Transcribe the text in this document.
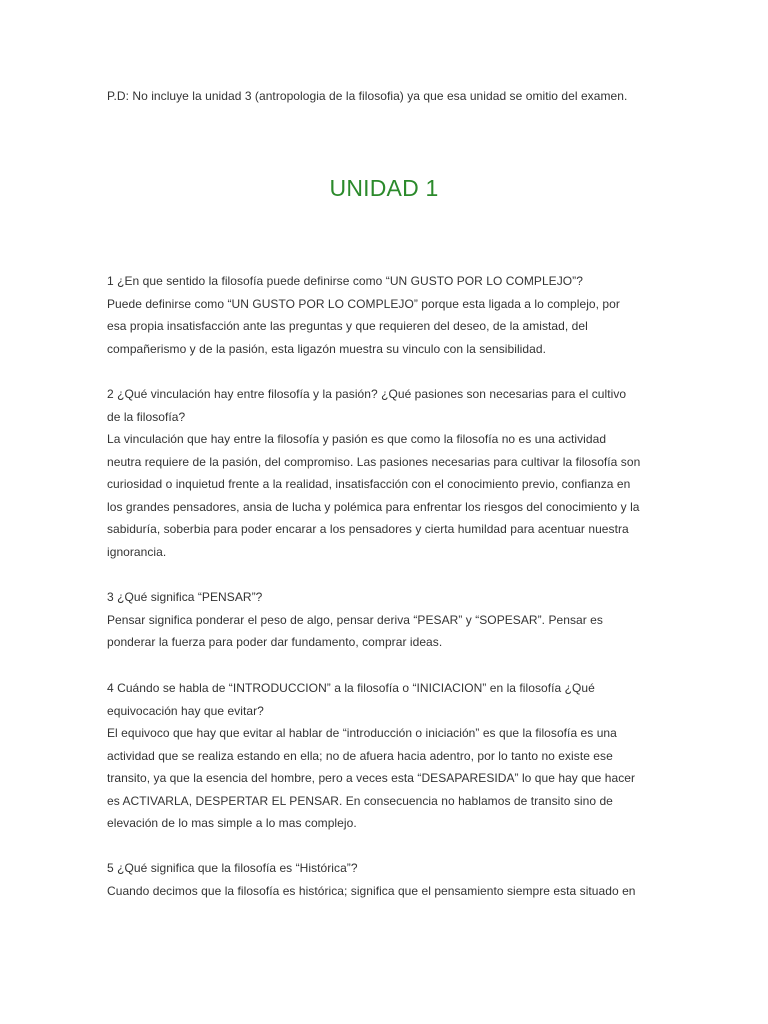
P.D: No incluye la unidad 3 (antropologia de la filosofia) ya que esa unidad se omitio del examen.
UNIDAD 1
1 ¿En que sentido la filosofía puede definirse como “UN GUSTO POR LO COMPLEJO”?
Puede definirse como “UN GUSTO POR LO COMPLEJO” porque esta ligada a lo complejo, por
esa propia insatisfacción ante las preguntas y que requieren del deseo, de la amistad, del
compañerismo y de la pasión, esta ligazón muestra su vinculo con la sensibilidad.
2 ¿Qué vinculación hay entre filosofía y la pasión? ¿Qué pasiones son necesarias para el cultivo
de la filosofía?
La vinculación que hay entre la filosofía y pasión es que como la filosofía no es una actividad
neutra requiere de la pasión, del compromiso. Las pasiones necesarias para cultivar la filosofía son
curiosidad o inquietud frente a la realidad, insatisfacción con el conocimiento previo, confianza en
los grandes pensadores, ansia de lucha y polémica para enfrentar los riesgos del conocimiento y la
sabiduría, soberbia para poder encarar a los pensadores y cierta humildad para acentuar nuestra
ignorancia.
3 ¿Qué significa “PENSAR”?
Pensar significa ponderar el peso de algo, pensar deriva “PESAR” y “SOPESAR”. Pensar es
ponderar la fuerza para poder dar fundamento, comprar ideas.
4 Cuándo se habla de “INTRODUCCION” a la filosofía o “INICIACION” en la filosofía ¿Qué
equivocación hay que evitar?
El equivoco que hay que evitar al hablar de “introducción o iniciación” es que la filosofía es una
actividad que se realiza estando en ella; no de afuera hacia adentro, por lo tanto no existe ese
transito, ya que la esencia del hombre, pero a veces esta “DESAPARESIDA” lo que hay que hacer
es ACTIVARLA, DESPERTAR EL PENSAR. En consecuencia no hablamos de transito sino de
elevación de lo mas simple a lo mas complejo.
5 ¿Qué significa que la filosofía es “Histórica”?
Cuando decimos que la filosofía es histórica; significa que el pensamiento siempre esta situado en
